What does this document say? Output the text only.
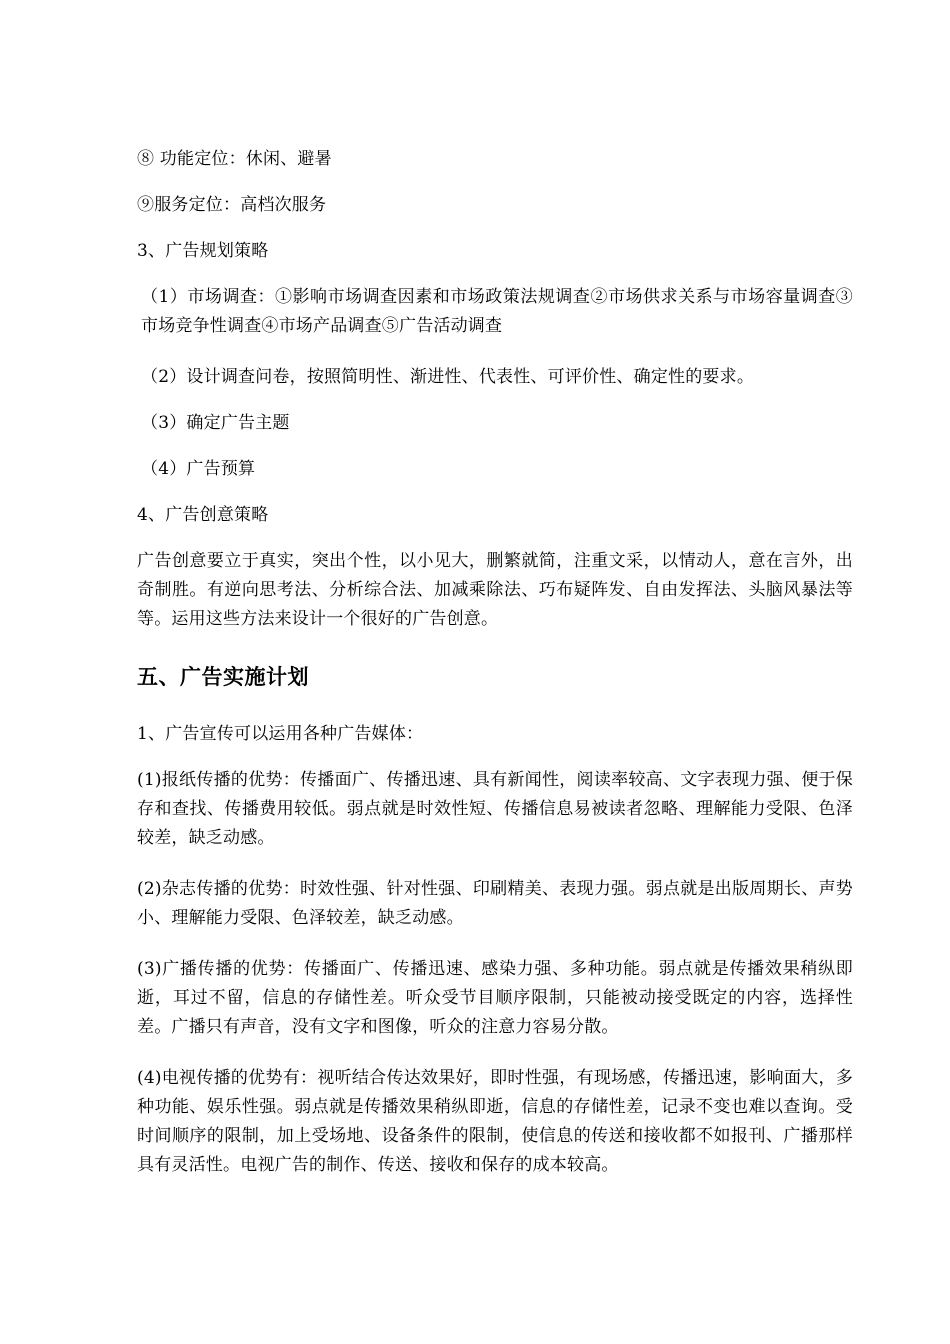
⑧ 功能定位：休闲、避暑

⑨服务定位：高档次服务

3、广告规划策略

（1）市场调查：①影响市场调查因素和市场政策法规调查②市场供求关系与市场容量调查③市场竞争性调查④市场产品调查⑤广告活动调查

（2）设计调查问卷，按照简明性、渐进性、代表性、可评价性、确定性的要求。

（3）确定广告主题

（4）广告预算

4、广告创意策略

广告创意要立于真实，突出个性，以小见大，删繁就简，注重文采，以情动人，意在言外，出奇制胜。有逆向思考法、分析综合法、加减乘除法、巧布疑阵发、自由发挥法、头脑风暴法等等。运用这些方法来设计一个很好的广告创意。

五、广告实施计划

1、广告宣传可以运用各种广告媒体：

(1)报纸传播的优势：传播面广、传播迅速、具有新闻性，阅读率较高、文字表现力强、便于保存和查找、传播费用较低。弱点就是时效性短、传播信息易被读者忽略、理解能力受限、色泽较差，缺乏动感。

(2)杂志传播的优势：时效性强、针对性强、印刷精美、表现力强。弱点就是出版周期长、声势小、理解能力受限、色泽较差，缺乏动感。

(3)广播传播的优势：传播面广、传播迅速、感染力强、多种功能。弱点就是传播效果稍纵即逝，耳过不留，信息的存储性差。听众受节目顺序限制，只能被动接受既定的内容，选择性差。广播只有声音，没有文字和图像，听众的注意力容易分散。

(4)电视传播的优势有：视听结合传达效果好，即时性强，有现场感，传播迅速，影响面大，多种功能、娱乐性强。弱点就是传播效果稍纵即逝，信息的存储性差，记录不变也难以查询。受时间顺序的限制，加上受场地、设备条件的限制，使信息的传送和接收都不如报刊、广播那样具有灵活性。电视广告的制作、传送、接收和保存的成本较高。
